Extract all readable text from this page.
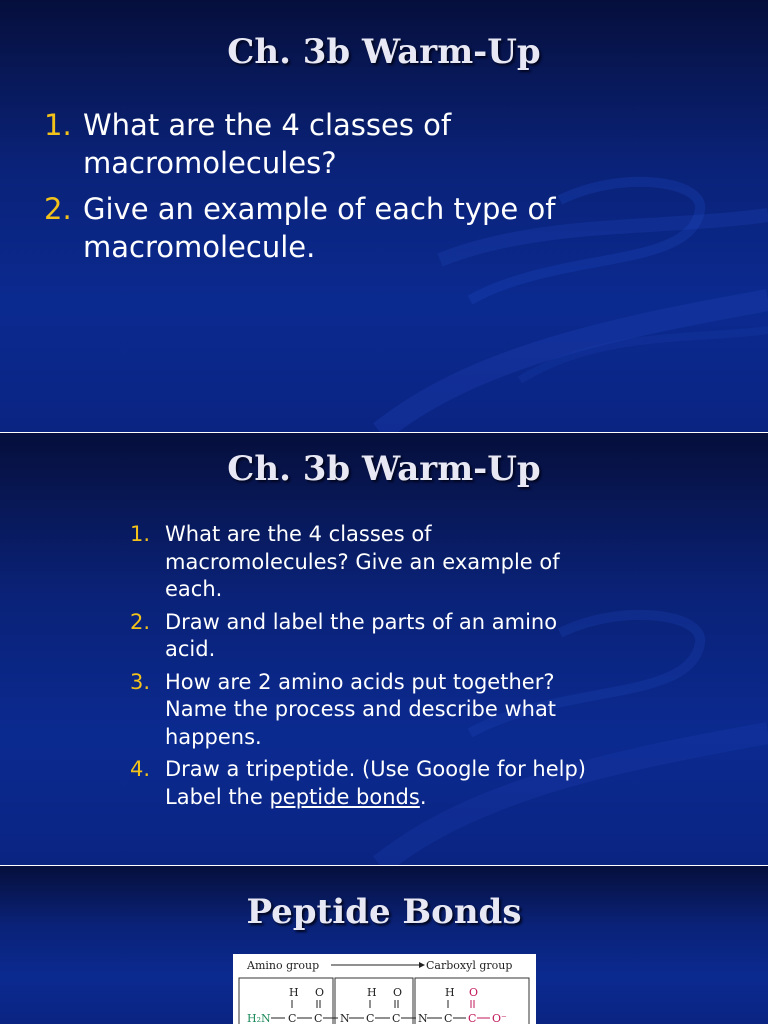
Ch. 3b Warm-Up
1. What are the 4 classes of
macromolecules?
2. Give an example of each type of
macromolecule.
Ch. 3b Warm-Up
1. What are the 4 classes of
macromolecules? Give an example of
each.
2. Draw and label the parts of an amino
acid.
3. How are 2 amino acids put together?
Name the process and describe what
happens.
4. Draw a tripeptide. (Use Google for help)
Label the peptide bonds.
Peptide Bonds
Amino group	Carboxyl group
H O	H O	H O
H₂N C C N C C N C C O⁻
